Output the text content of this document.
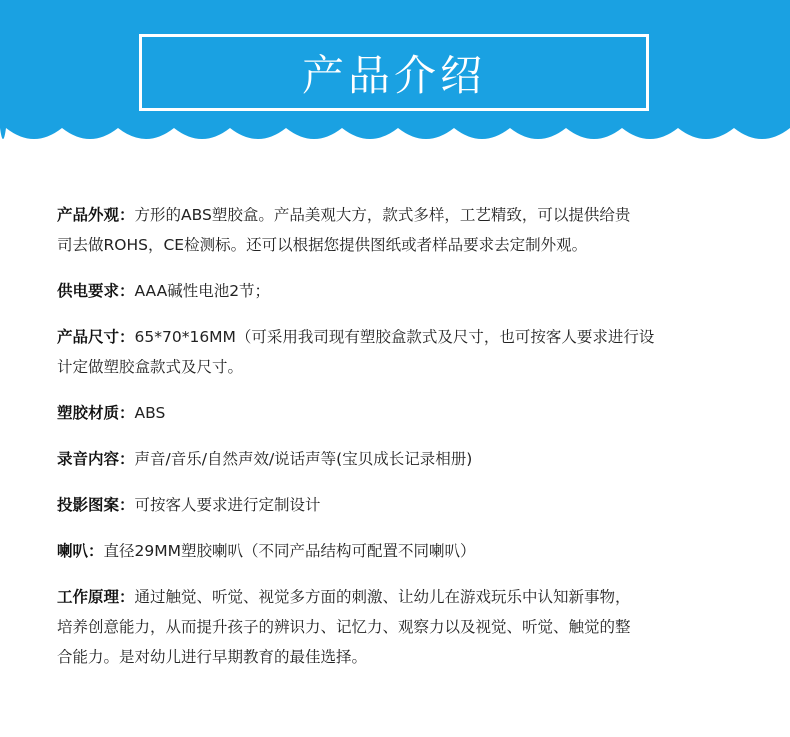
产品介绍
产品外观：方形的ABS塑胶盒。产品美观大方，款式多样，工艺精致，可以提供给贵
司去做ROHS，CE检测标。还可以根据您提供图纸或者样品要求去定制外观。
供电要求：AAA碱性电池2节；
产品尺寸：65*70*16MM（可采用我司现有塑胶盒款式及尺寸，也可按客人要求进行设
计定做塑胶盒款式及尺寸。
塑胶材质：ABS
录音内容：声音/音乐/自然声效/说话声等(宝贝成长记录相册)
投影图案：可按客人要求进行定制设计
喇叭：直径29MM塑胶喇叭（不同产品结构可配置不同喇叭）
工作原理：通过触觉、听觉、视觉多方面的刺激、让幼儿在游戏玩乐中认知新事物，
培养创意能力，从而提升孩子的辨识力、记忆力、观察力以及视觉、听觉、触觉的整
合能力。是对幼儿进行早期教育的最佳选择。
